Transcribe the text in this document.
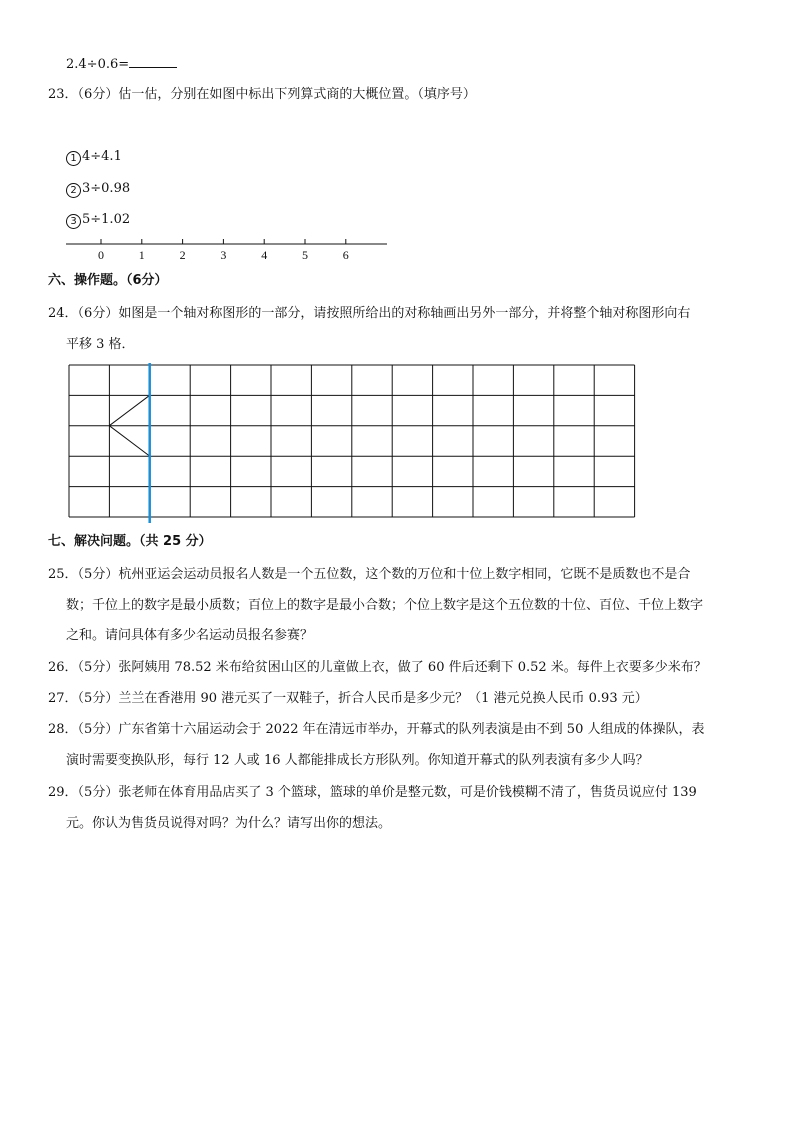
2.4÷0.6=
23．（6分）估一估，分别在如图中标出下列算式商的大概位置。（填序号）
1 4÷4.1
2 3÷0.98
3 5÷1.02
0	1	2	3	4	5	6
六、操作题。（6分）
24．（6分）如图是一个轴对称图形的一部分，请按照所给出的对称轴画出另外一部分，并将整个轴对称图形向右
平移 3 格．
七、解决问题。（共 25 分）
25．（5分）杭州亚运会运动员报名人数是一个五位数，这个数的万位和十位上数字相同，它既不是质数也不是合
数；千位上的数字是最小质数；百位上的数字是最小合数；个位上数字是这个五位数的十位、百位、千位上数字
之和。请问具体有多少名运动员报名参赛？
26．（5分）张阿姨用 78.52 米布给贫困山区的儿童做上衣，做了 60 件后还剩下 0.52 米。每件上衣要多少米布？
27．（5分）兰兰在香港用 90 港元买了一双鞋子，折合人民币是多少元？（1 港元兑换人民币 0.93 元）
28．（5分）广东省第十六届运动会于 2022 年在清远市举办，开幕式的队列表演是由不到 50 人组成的体操队，表
演时需要变换队形，每行 12 人或 16 人都能排成长方形队列。你知道开幕式的队列表演有多少人吗？
29．（5分）张老师在体育用品店买了 3 个篮球，篮球的单价是整元数，可是价钱模糊不清了，售货员说应付 139
元。你认为售货员说得对吗？为什么？请写出你的想法。
